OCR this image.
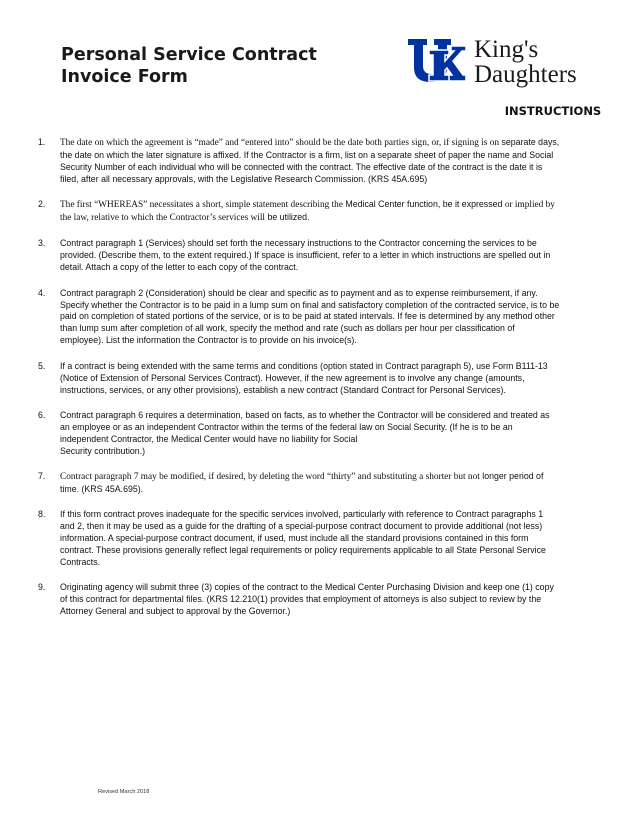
Personal Service Contract
Invoice Form
King's
Daughters
INSTRUCTIONS
1. The date on which the agreement is “made” and “entered into” should be the date both parties sign, or, if signing is on separate days, the date on which the later signature is affixed. If the Contractor is a firm, list on a separate sheet of paper the name and Social Security Number of each individual who will be connected with the contract. The effective date of the contract is the date it is filed, after all necessary approvals, with the Legislative Research Commission. (KRS 45A.695)
2. The first “WHEREAS” necessitates a short, simple statement describing the Medical Center function, be it expressed or implied by the law, relative to which the Contractor’s services will be utilized.
3. Contract paragraph 1 (Services) should set forth the necessary instructions to the Contractor concerning the services to be provided. (Describe them, to the extent required.) If space is insufficient, refer to a letter in which instructions are spelled out in detail. Attach a copy of the letter to each copy of the contract.
4. Contract paragraph 2 (Consideration) should be clear and specific as to payment and as to expense reimbursement, if any. Specify whether the Contractor is to be paid in a lump sum on final and satisfactory completion of the contracted service, is to be paid on completion of stated portions of the service, or is to be paid at stated intervals. If fee is determined by any method other than lump sum after completion of all work, specify the method and rate (such as dollars per hour per classification of employee). List the information the Contractor is to provide on his invoice(s).
5. If a contract is being extended with the same terms and conditions (option stated in Contract paragraph 5), use Form B111-13 (Notice of Extension of Personal Services Contract). However, if the new agreement is to involve any change (amounts, instructions, services, or any other provisions), establish a new contract (Standard Contract for Personal Services).
6. Contract paragraph 6 requires a determination, based on facts, as to whether the Contractor will be considered and treated as an employee or as an independent Contractor within the terms of the federal law on Social Security. (If he is to be an independent Contractor, the Medical Center would have no liability for Social
Security contribution.)
7. Contract paragraph 7 may be modified, if desired, by deleting the word “thirty” and substituting a shorter but not longer period of time. (KRS 45A.695).
8. If this form contract proves inadequate for the specific services involved, particularly with reference to Contract paragraphs 1 and 2, then it may be used as a guide for the drafting of a special-purpose contract document to provide additional (not less) information. A special-purpose contract document, if used, must include all the standard provisions contained in this form contract. These provisions generally reflect legal requirements or policy requirements applicable to all State Personal Service Contracts.
9. Originating agency will submit three (3) copies of the contract to the Medical Center Purchasing Division and keep one (1) copy of this contract for departmental files. (KRS 12.210(1) provides that employment of attorneys is also subject to review by the Attorney General and subject to approval by the Governor.)
Revised March 2018
